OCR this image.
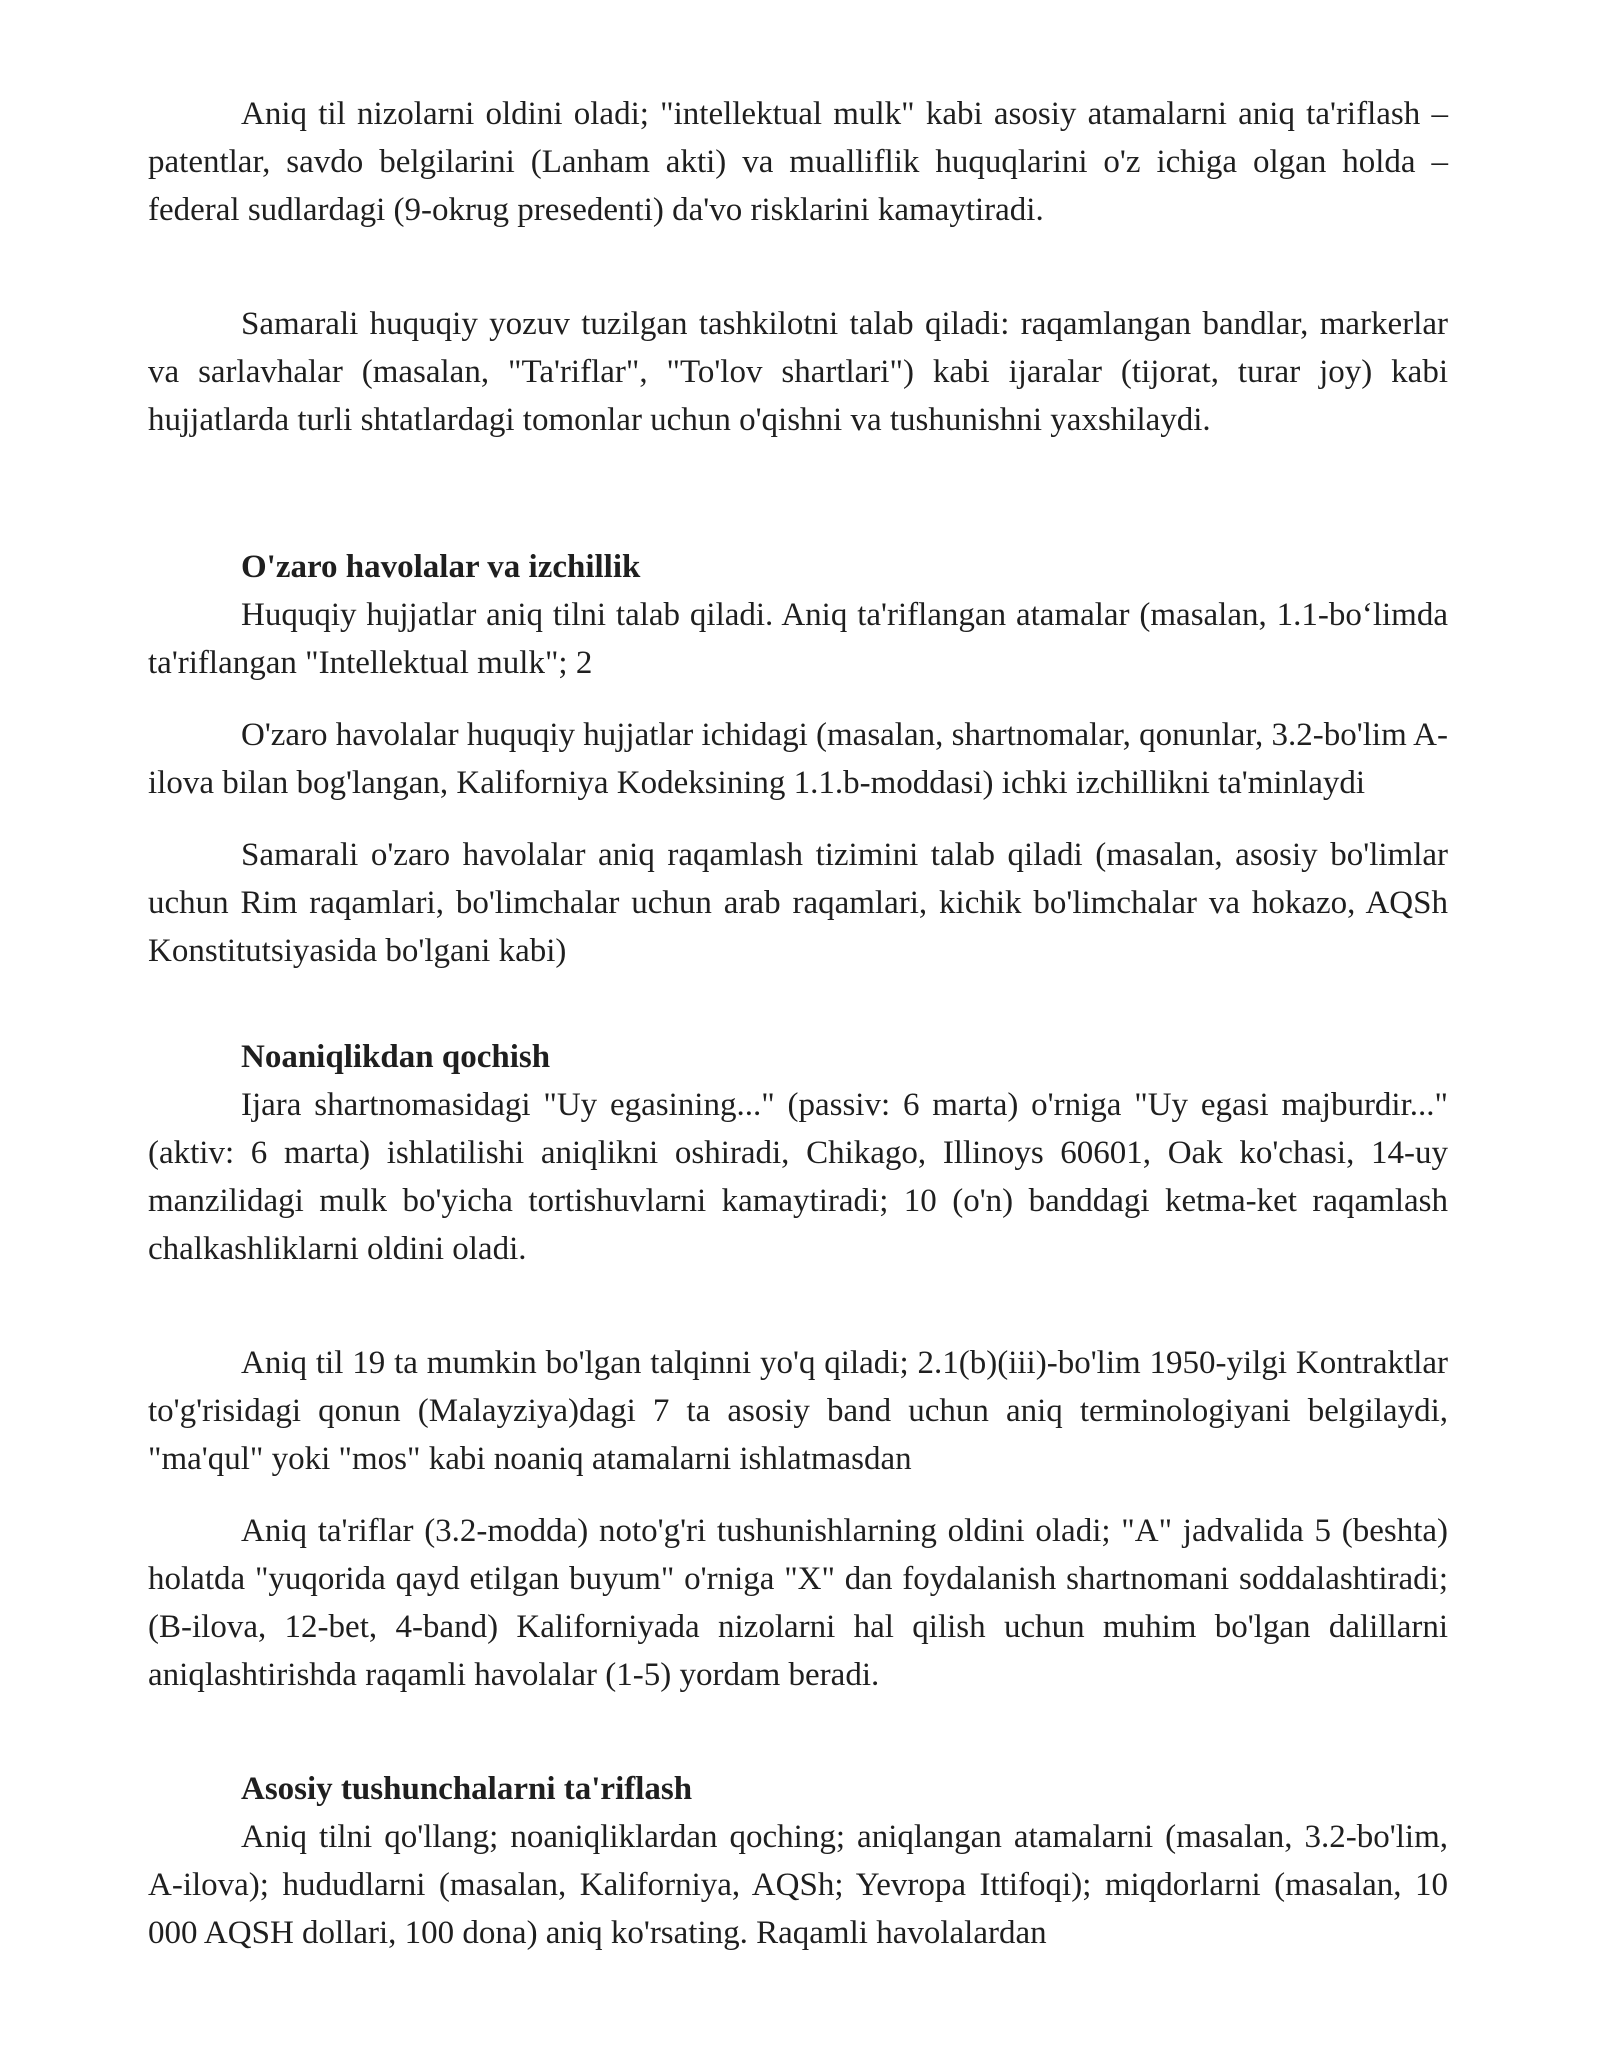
Aniq til nizolarni oldini oladi; "intellektual mulk" kabi asosiy atamalarni aniq ta'riflash – patentlar, savdo belgilarini (Lanham akti) va mualliflik huquqlarini o'z ichiga olgan holda – federal sudlardagi (9-okrug presedenti) da'vo risklarini kamaytiradi.

Samarali huquqiy yozuv tuzilgan tashkilotni talab qiladi: raqamlangan bandlar, markerlar va sarlavhalar (masalan, "Ta'riflar", "To'lov shartlari") kabi ijaralar (tijorat, turar joy) kabi hujjatlarda turli shtatlardagi tomonlar uchun o'qishni va tushunishni yaxshilaydi.

O'zaro havolalar va izchillik

Huquqiy hujjatlar aniq tilni talab qiladi. Aniq ta'riflangan atamalar (masalan, 1.1-bo‘limda ta'riflangan "Intellektual mulk"; 2

O'zaro havolalar huquqiy hujjatlar ichidagi (masalan, shartnomalar, qonunlar, 3.2-bo'lim A-ilova bilan bog'langan, Kaliforniya Kodeksining 1.1.b-moddasi) ichki izchillikni ta'minlaydi

Samarali o'zaro havolalar aniq raqamlash tizimini talab qiladi (masalan, asosiy bo'limlar uchun Rim raqamlari, bo'limchalar uchun arab raqamlari, kichik bo'limchalar va hokazo, AQSh Konstitutsiyasida bo'lgani kabi)

Noaniqlikdan qochish

Ijara shartnomasidagi "Uy egasining..." (passiv: 6 marta) o'rniga "Uy egasi majburdir..." (aktiv: 6 marta) ishlatilishi aniqlikni oshiradi, Chikago, Illinoys 60601, Oak ko'chasi, 14-uy manzilidagi mulk bo'yicha tortishuvlarni kamaytiradi; 10 (o'n) banddagi ketma-ket raqamlash chalkashliklarni oldini oladi.

Aniq til 19 ta mumkin bo'lgan talqinni yo'q qiladi; 2.1(b)(iii)-bo'lim 1950-yilgi Kontraktlar to'g'risidagi qonun (Malayziya)dagi 7 ta asosiy band uchun aniq terminologiyani belgilaydi, "ma'qul" yoki "mos" kabi noaniq atamalarni ishlatmasdan

Aniq ta'riflar (3.2-modda) noto'g'ri tushunishlarning oldini oladi; "A" jadvalida 5 (beshta) holatda "yuqorida qayd etilgan buyum" o'rniga "X" dan foydalanish shartnomani soddalashtiradi; (B-ilova, 12-bet, 4-band) Kaliforniyada nizolarni hal qilish uchun muhim bo'lgan dalillarni aniqlashtirishda raqamli havolalar (1-5) yordam beradi.

Asosiy tushunchalarni ta'riflash

Aniq tilni qo'llang; noaniqliklardan qoching; aniqlangan atamalarni (masalan, 3.2-bo'lim, A-ilova); hududlarni (masalan, Kaliforniya, AQSh; Yevropa Ittifoqi); miqdorlarni (masalan, 10 000 AQSH dollari, 100 dona) aniq ko'rsating. Raqamli havolalardan
